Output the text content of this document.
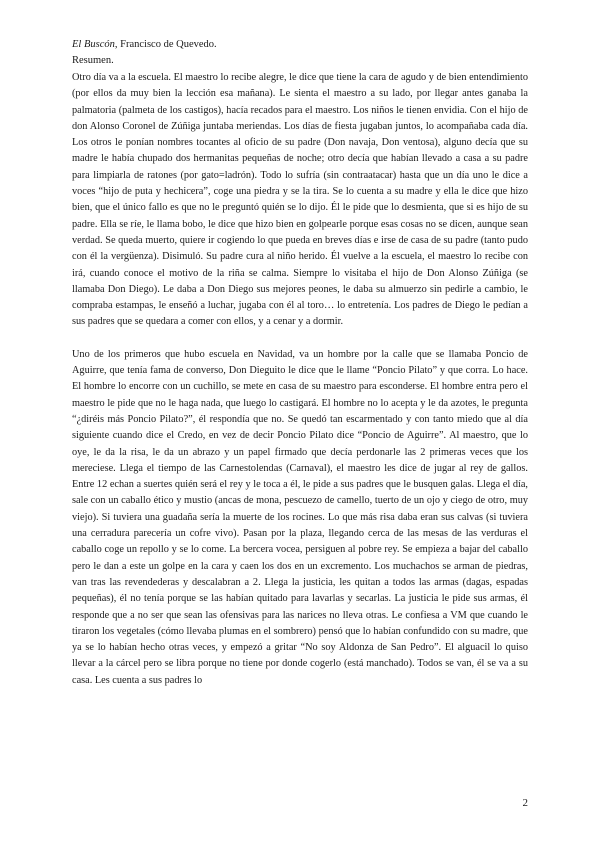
El Buscón, Francisco de Quevedo.
Resumen.

Otro día va a la escuela. El maestro lo recibe alegre, le dice que tiene la cara de agudo y de bien entendimiento (por ellos da muy bien la lección esa mañana). Le sienta el maestro a su lado, por llegar antes ganaba la palmatoria (palmeta de los castigos), hacía recados para el maestro. Los niños le tienen envidia. Con el hijo de don Alonso Coronel de Zúñiga juntaba meriendas. Los días de fiesta jugaban juntos, lo acompañaba cada día. Los otros le ponían nombres tocantes al oficio de su padre (Don navaja, Don ventosa), alguno decía que su madre le había chupado dos hermanitas pequeñas de noche; otro decía que habían llevado a casa a su padre para limpiarla de ratones (por gato=ladrón). Todo lo sufría (sin contraatacar) hasta que un día uno le dice a voces “hijo de puta y hechicera”, coge una piedra y se la tira. Se lo cuenta a su madre y ella le dice que hizo bien, que el único fallo es que no le preguntó quién se lo dijo. Él le pide que lo desmienta, que si es hijo de su padre. Ella se ríe, le llama bobo, le dice que hizo bien en golpearle porque esas cosas no se dicen, aunque sean verdad. Se queda muerto, quiere ir cogiendo lo que pueda en breves días e irse de casa de su padre (tanto pudo con él la vergüenza). Disimuló. Su padre cura al niño herido. Él vuelve a la escuela, el maestro lo recibe con irá, cuando conoce el motivo de la riña se calma. Siempre lo visitaba el hijo de Don Alonso Zúñiga (se llamaba Don Diego). Le daba a Don Diego sus mejores peones, le daba su almuerzo sin pedirle a cambio, le compraba estampas, le enseñó a luchar, jugaba con él al toro… lo entretenía. Los padres de Diego le pedían a sus padres que se quedara a comer con ellos, y a cenar y a dormir.

Uno de los primeros que hubo escuela en Navidad, va un hombre por la calle que se llamaba Poncio de Aguirre, que tenía fama de converso, Don Dieguito le dice que le llame “Poncio Pilato” y que corra. Lo hace. El hombre lo encorre con un cuchillo, se mete en casa de su maestro para esconderse. El hombre entra pero el maestro le pide que no le haga nada, que luego lo castigará. El hombre no lo acepta y le da azotes, le pregunta “¿diréis más Poncio Pilato?”, él respondía que no. Se quedó tan escarmentado y con tanto miedo que al día siguiente cuando dice el Credo, en vez de decir Poncio Pilato dice “Poncio de Aguirre”. Al maestro, que lo oye, le da la risa, le da un abrazo y un papel firmado que decía perdonarle las 2 primeras veces que los mereciese. Llega el tiempo de las Carnestolendas (Carnaval), el maestro les dice de jugar al rey de gallos. Entre 12 echan a suertes quién será el rey y le toca a él, le pide a sus padres que le busquen galas. Llega el día, sale con un caballo ético y mustio (ancas de mona, pescuezo de camello, tuerto de un ojo y ciego de otro, muy viejo). Si tuviera una guadaña sería la muerte de los rocines. Lo que más risa daba eran sus calvas (si tuviera una cerradura parecería un cofre vivo). Pasan por la plaza, llegando cerca de las mesas de las verduras el caballo coge un repollo y se lo come. La bercera vocea, persiguen al pobre rey. Se empieza a bajar del caballo pero le dan a este un golpe en la cara y caen los dos en un excremento. Los muchachos se arman de piedras, van tras las revendederas y descalabran a 2. Llega la justicia, les quitan a todos las armas (dagas, espadas pequeñas), él no tenía porque se las habían quitado para lavarlas y secarlas. La justicia le pide sus armas, él responde que a no ser que sean las ofensivas para las narices no lleva otras. Le confiesa a VM que cuando le tiraron los vegetales (cómo llevaba plumas en el sombrero) pensó que lo habían confundido con su madre, que ya se lo habían hecho otras veces, y empezó a gritar “No soy Aldonza de San Pedro”. El alguacil lo quiso llevar a la cárcel pero se libra porque no tiene por donde cogerlo (está manchado). Todos se van, él se va a su casa. Les cuenta a sus padres lo

2
